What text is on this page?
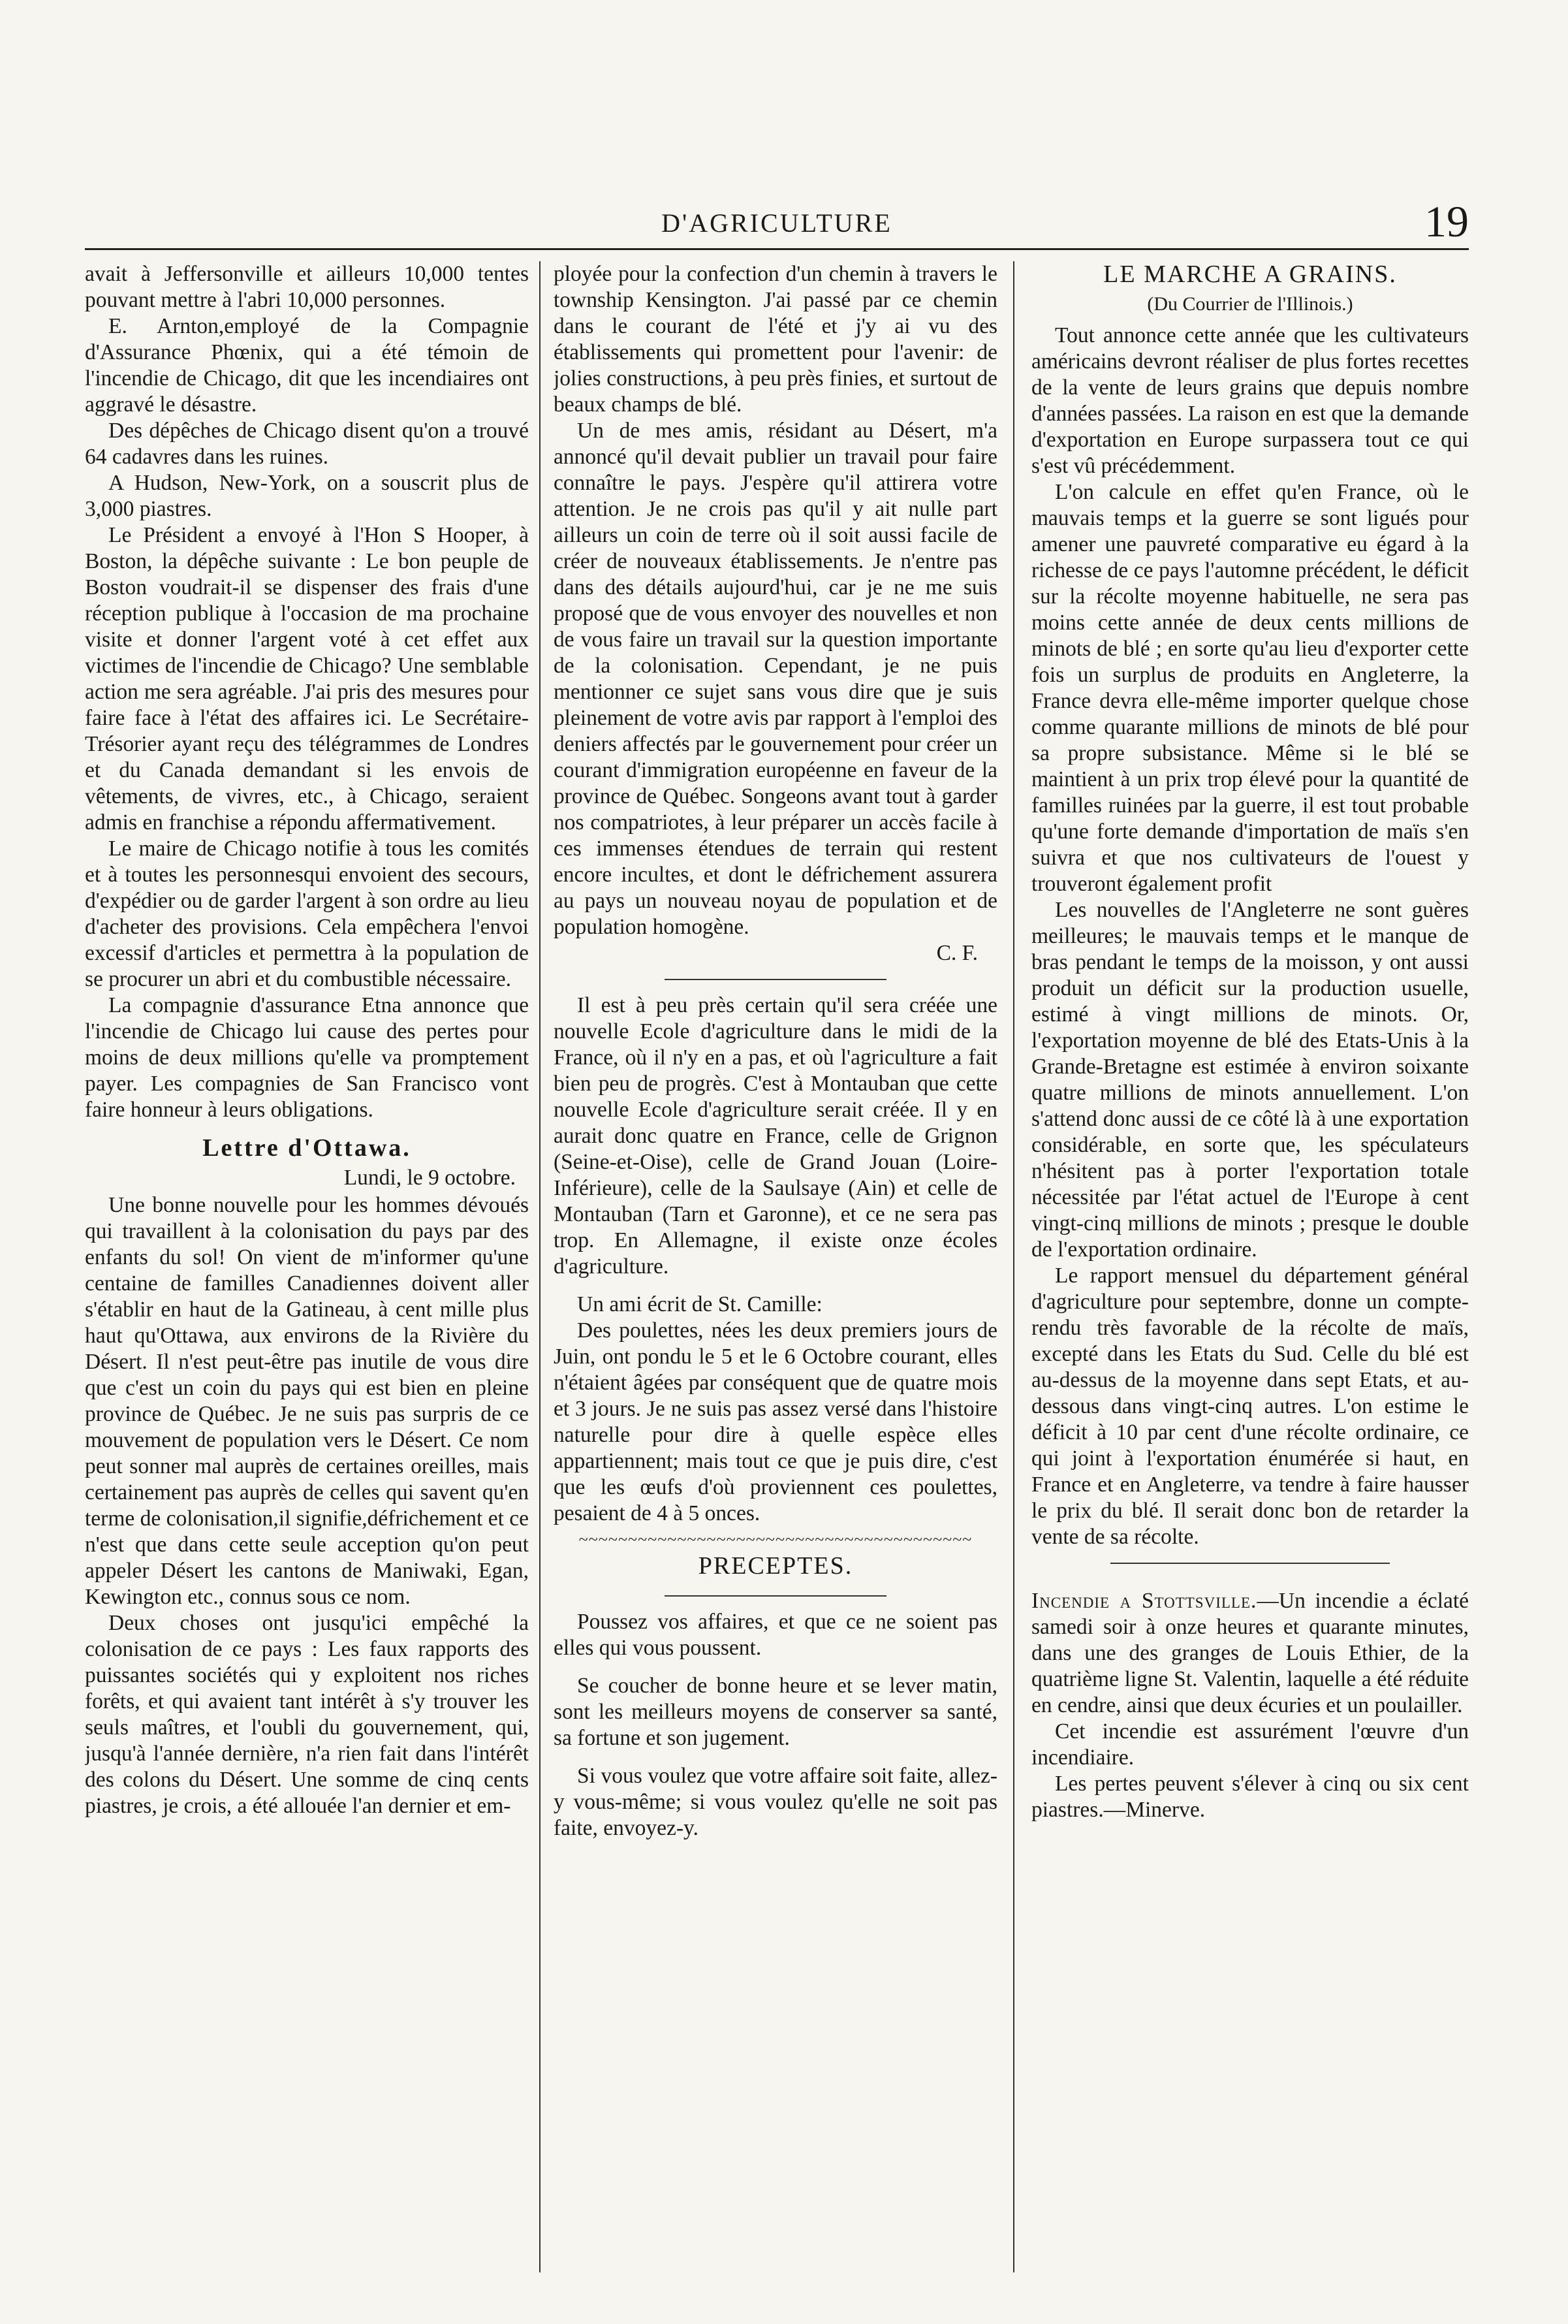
D'AGRICULTURE	19

avait à Jeffersonville et ailleurs 10,000 tentes pouvant mettre à l'abri 10,000 personnes.

E. Arnton,employé de la Compagnie d'Assurance Phœnix, qui a été témoin de l'incendie de Chicago, dit que les incendiaires ont aggravé le désastre.

Des dépêches de Chicago disent qu'on a trouvé 64 cadavres dans les ruines.

A Hudson, New-York, on a souscrit plus de 3,000 piastres.

Le Président a envoyé à l'Hon S Hooper, à Boston, la dépêche suivante : Le bon peuple de Boston voudrait-il se dispenser des frais d'une réception publique à l'occasion de ma prochaine visite et donner l'argent voté à cet effet aux victimes de l'incendie de Chicago? Une semblable action me sera agréable. J'ai pris des mesures pour faire face à l'état des affaires ici. Le Secrétaire-Trésorier ayant reçu des télégrammes de Londres et du Canada demandant si les envois de vêtements, de vivres, etc., à Chicago, seraient admis en franchise a répondu affermativement.

Le maire de Chicago notifie à tous les comités et à toutes les personnesqui envoient des secours, d'expédier ou de garder l'argent à son ordre au lieu d'acheter des provisions. Cela empêchera l'envoi excessif d'articles et permettra à la population de se procurer un abri et du combustible nécessaire.

La compagnie d'assurance Etna annonce que l'incendie de Chicago lui cause des pertes pour moins de deux millions qu'elle va promptement payer. Les compagnies de San Francisco vont faire honneur à leurs obligations.

Lettre d'Ottawa.
Lundi, le 9 octobre.

Une bonne nouvelle pour les hommes dévoués qui travaillent à la colonisation du pays par des enfants du sol! On vient de m'informer qu'une centaine de familles Canadiennes doivent aller s'établir en haut de la Gatineau, à cent mille plus haut qu'Ottawa, aux environs de la Rivière du Désert. Il n'est peut-être pas inutile de vous dire que c'est un coin du pays qui est bien en pleine province de Québec. Je ne suis pas surpris de ce mouvement de population vers le Désert. Ce nom peut sonner mal auprès de certaines oreilles, mais certainement pas auprès de celles qui savent qu'en terme de colonisation,il signifie,défrichement et ce n'est que dans cette seule acception qu'on peut appeler Désert les cantons de Maniwaki, Egan, Kewington etc., connus sous ce nom.

Deux choses ont jusqu'ici empêché la colonisation de ce pays : Les faux rapports des puissantes sociétés qui y exploitent nos riches forêts, et qui avaient tant intérêt à s'y trouver les seuls maîtres, et l'oubli du gouvernement, qui, jusqu'à l'année dernière, n'a rien fait dans l'intérêt des colons du Désert. Une somme de cinq cents piastres, je crois, a été allouée l'an dernier et em-

ployée pour la confection d'un chemin à travers le township Kensington. J'ai passé par ce chemin dans le courant de l'été et j'y ai vu des établissements qui promettent pour l'avenir: de jolies constructions, à peu près finies, et surtout de beaux champs de blé.

Un de mes amis, résidant au Désert, m'a annoncé qu'il devait publier un travail pour faire connaître le pays. J'espère qu'il attirera votre attention. Je ne crois pas qu'il y ait nulle part ailleurs un coin de terre où il soit aussi facile de créer de nouveaux établissements. Je n'entre pas dans des détails aujourd'hui, car je ne me suis proposé que de vous envoyer des nouvelles et non de vous faire un travail sur la question importante de la colonisation. Cependant, je ne puis mentionner ce sujet sans vous dire que je suis pleinement de votre avis par rapport à l'emploi des deniers affectés par le gouvernement pour créer un courant d'immigration européenne en faveur de la province de Québec. Songeons avant tout à garder nos compatriotes, à leur préparer un accès facile à ces immenses étendues de terrain qui restent encore incultes, et dont le défrichement assurera au pays un nouveau noyau de population et de population homogène.

C. F.

Il est à peu près certain qu'il sera créée une nouvelle Ecole d'agriculture dans le midi de la France, où il n'y en a pas, et où l'agriculture a fait bien peu de progrès. C'est à Montauban que cette nouvelle Ecole d'agriculture serait créée. Il y en aurait donc quatre en France, celle de Grignon (Seine-et-Oise), celle de Grand Jouan (Loire-Inférieure), celle de la Saulsaye (Ain) et celle de Montauban (Tarn et Garonne), et ce ne sera pas trop. En Allemagne, il existe onze écoles d'agriculture.

Un ami écrit de St. Camille:

Des poulettes, nées les deux premiers jours de Juin, ont pondu le 5 et le 6 Octobre courant, elles n'étaient âgées par conséquent que de quatre mois et 3 jours. Je ne suis pas assez versé dans l'histoire naturelle pour dire à quelle espèce elles appartiennent; mais tout ce que je puis dire, c'est que les œufs d'où proviennent ces poulettes, pesaient de 4 à 5 onces.

~~~~~~~~~~~~~~~~~~~~~~~~~~~~~~~~~~~~~~~~
PRECEPTES.

Poussez vos affaires, et que ce ne soient pas elles qui vous poussent.

Se coucher de bonne heure et se lever matin, sont les meilleurs moyens de conserver sa santé, sa fortune et son jugement.

Si vous voulez que votre affaire soit faite, allez-y vous-même; si vous voulez qu'elle ne soit pas faite, envoyez-y.

LE MARCHE A GRAINS.
(Du Courrier de l'Illinois.)

Tout annonce cette année que les cultivateurs américains devront réaliser de plus fortes recettes de la vente de leurs grains que depuis nombre d'années passées. La raison en est que la demande d'exportation en Europe surpassera tout ce qui s'est vû précédemment.

L'on calcule en effet qu'en France, où le mauvais temps et la guerre se sont ligués pour amener une pauvreté comparative eu égard à la richesse de ce pays l'automne précédent, le déficit sur la récolte moyenne habituelle, ne sera pas moins cette année de deux cents millions de minots de blé ; en sorte qu'au lieu d'exporter cette fois un surplus de produits en Angleterre, la France devra elle-même importer quelque chose comme quarante millions de minots de blé pour sa propre subsistance. Même si le blé se maintient à un prix trop élevé pour la quantité de familles ruinées par la guerre, il est tout probable qu'une forte demande d'importation de maïs s'en suivra et que nos cultivateurs de l'ouest y trouveront également profit

Les nouvelles de l'Angleterre ne sont guères meilleures; le mauvais temps et le manque de bras pendant le temps de la moisson, y ont aussi produit un déficit sur la production usuelle, estimé à vingt millions de minots. Or, l'exportation moyenne de blé des Etats-Unis à la Grande-Bretagne est estimée à environ soixante quatre millions de minots annuellement. L'on s'attend donc aussi de ce côté là à une exportation considérable, en sorte que, les spéculateurs n'hésitent pas à porter l'exportation totale nécessitée par l'état actuel de l'Europe à cent vingt-cinq millions de minots ; presque le double de l'exportation ordinaire.

Le rapport mensuel du département général d'agriculture pour septembre, donne un compte-rendu très favorable de la récolte de maïs, excepté dans les Etats du Sud. Celle du blé est au-dessus de la moyenne dans sept Etats, et au-dessous dans vingt-cinq autres. L'on estime le déficit à 10 par cent d'une récolte ordinaire, ce qui joint à l'exportation énumérée si haut, en France et en Angleterre, va tendre à faire hausser le prix du blé. Il serait donc bon de retarder la vente de sa récolte.

Incendie a Stottsville.—Un incendie a éclaté samedi soir à onze heures et quarante minutes, dans une des granges de Louis Ethier, de la quatrième ligne St. Valentin, laquelle a été réduite en cendre, ainsi que deux écuries et un poulailler.

Cet incendie est assurément l'œuvre d'un incendiaire.

Les pertes peuvent s'élever à cinq ou six cent piastres.—Minerve.
